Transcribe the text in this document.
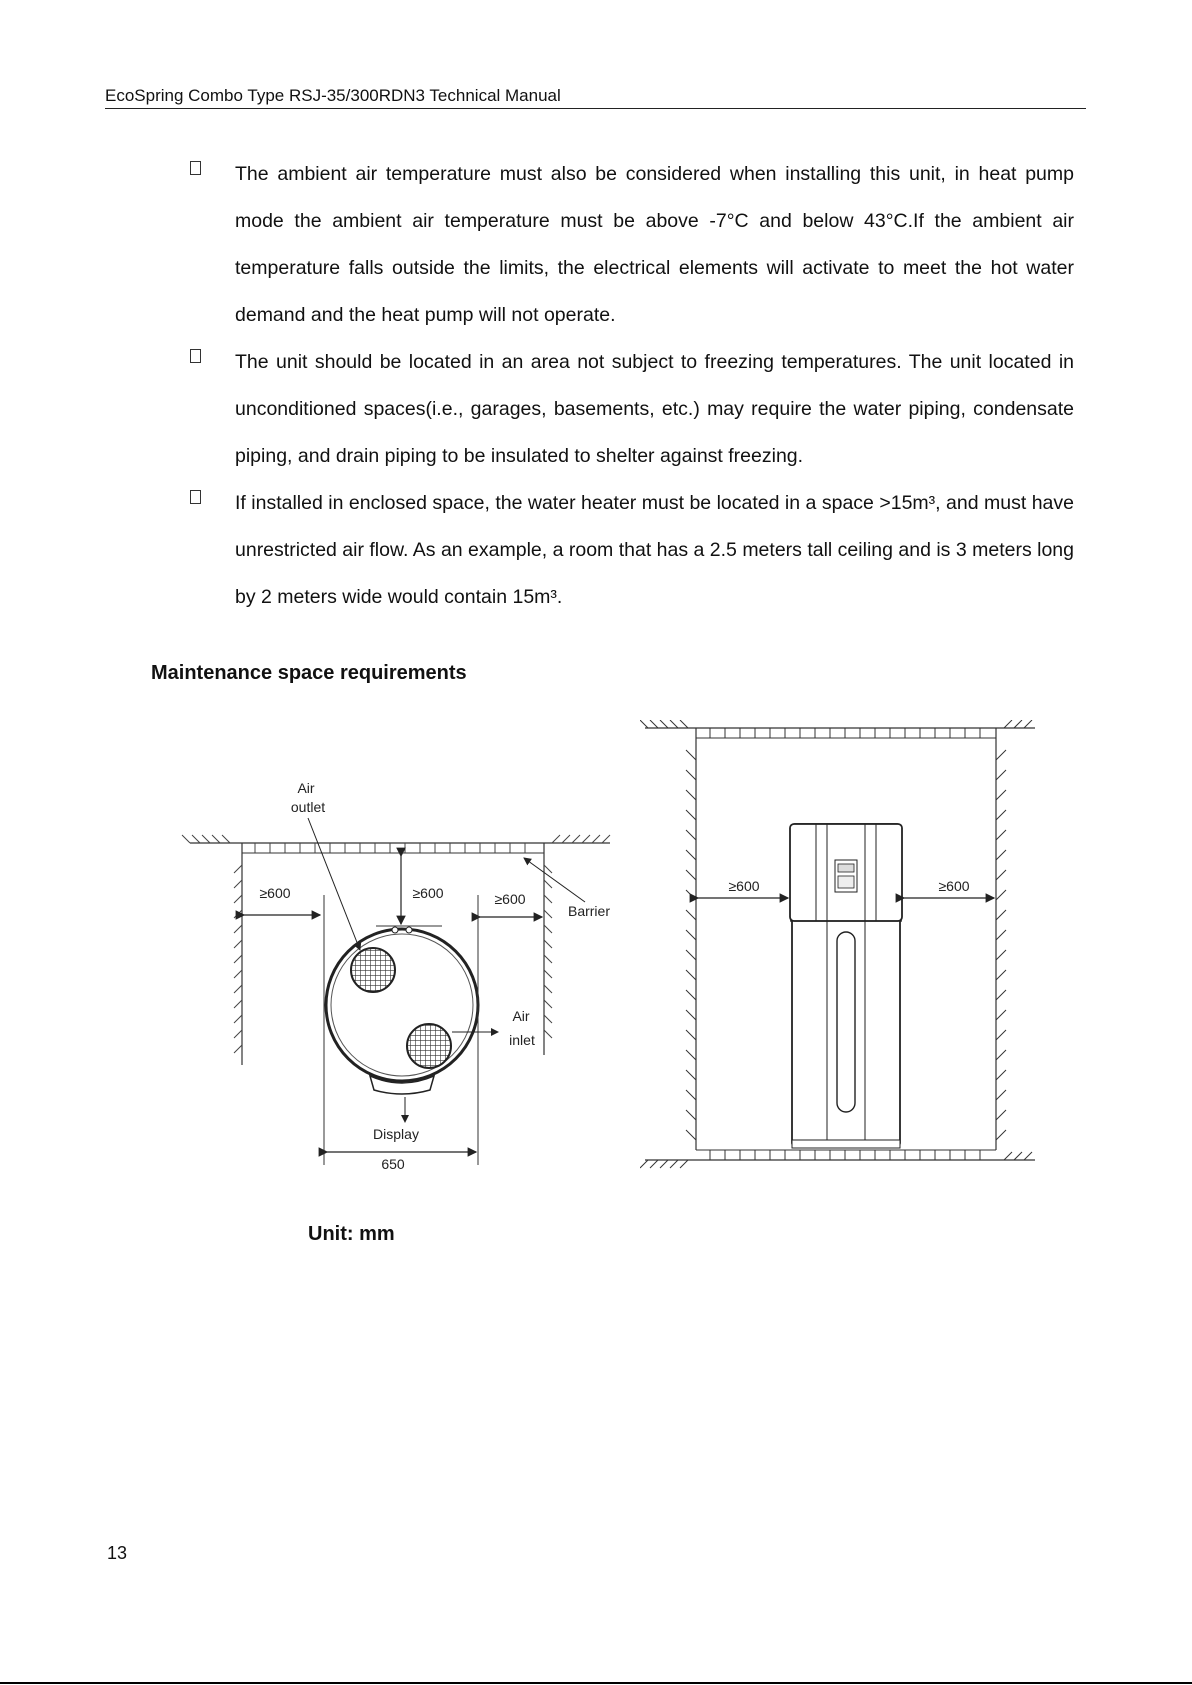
EcoSpring Combo Type RSJ-35/300RDN3 Technical Manual

The ambient air temperature must also be considered when installing this unit, in heat pump mode the ambient air temperature must be above -7°C and below 43°C.If the ambient air temperature falls outside the limits, the electrical elements will activate to meet the hot water demand and the heat pump will not operate.

The unit should be located in an area not subject to freezing temperatures. The unit located in unconditioned spaces(i.e., garages, basements, etc.) may require the water piping, condensate piping, and drain piping to be insulated to shelter against freezing.

If installed in enclosed space, the water heater must be located in a space >15m³, and must have unrestricted air flow. As an example, a room that has a 2.5 meters tall ceiling and is 3 meters long by 2 meters wide would contain 15m³.

Maintenance space requirements
Air
outlet
≥600	≥600	≥600
Barrier
Air
inlet
Display
650
≥600	≥600
Unit: mm
13
